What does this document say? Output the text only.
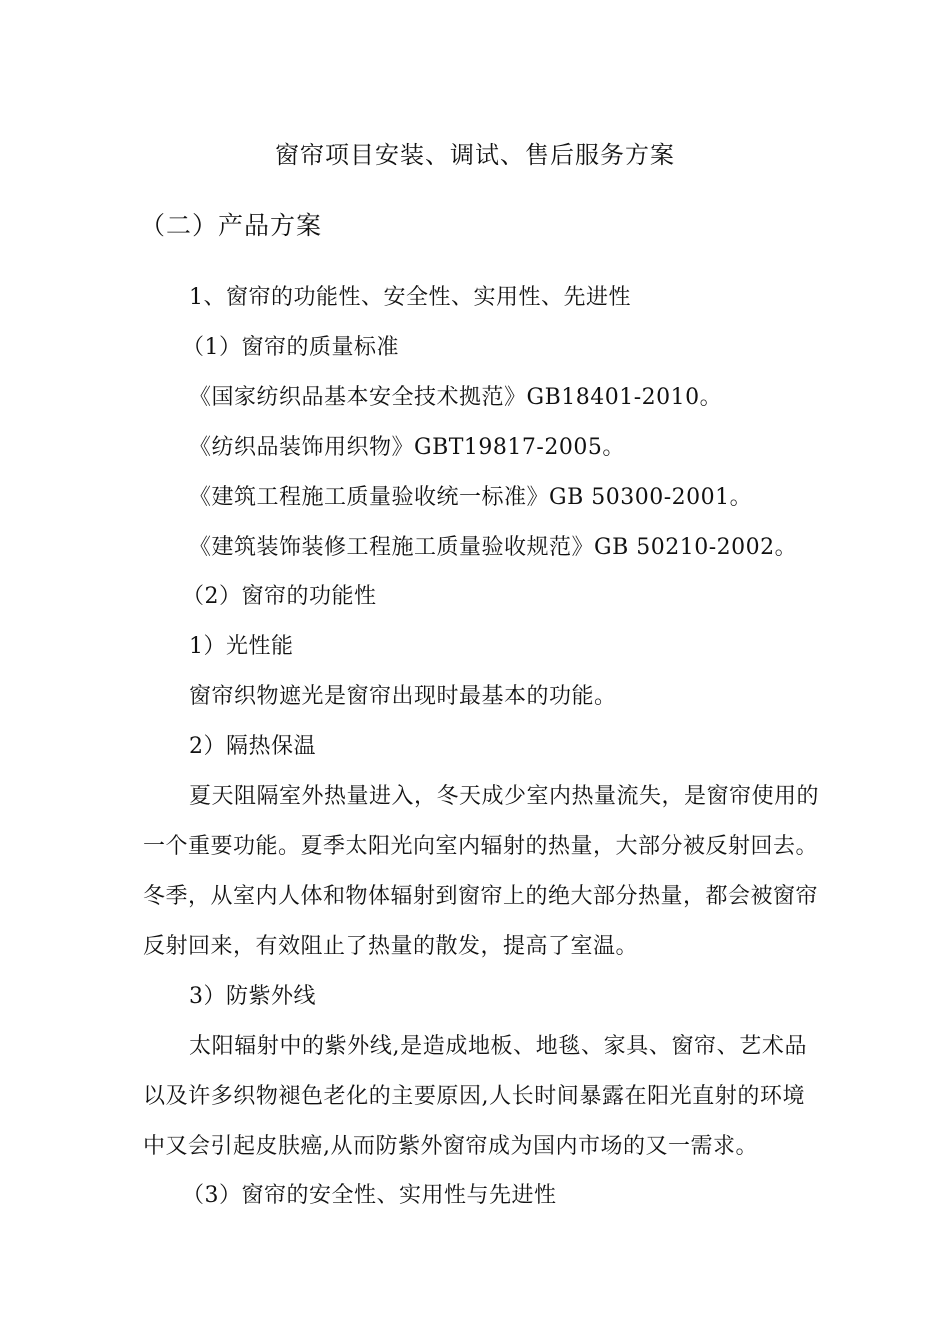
窗帘项目安装、调试、售后服务方案
（二）产品方案
1、窗帘的功能性、安全性、实用性、先进性
（1）窗帘的质量标准
《国家纺织品基本安全技术拠范》GB18401-2010。
《纺织品装饰用织物》GBT19817-2005。
《建筑工程施工质量验收统一标准》GB 50300-2001。
《建筑装饰装修工程施工质量验收规范》GB 50210-2002。
（2）窗帘的功能性
1）光性能
窗帘织物遮光是窗帘出现时最基本的功能。
2）隔热保温
夏天阻隔室外热量进入，冬天成少室内热量流失，是窗帘使用的
一个重要功能。夏季太阳光向室内辐射的热量，大部分被反射回去。
冬季，从室内人体和物体辐射到窗帘上的绝大部分热量，都会被窗帘
反射回来，有效阻止了热量的散发，提高了室温。
3）防紫外线
太阳辐射中的紫外线,是造成地板、地毯、家具、窗帘、艺术品
以及许多织物褪色老化的主要原因,人长时间暴露在阳光直射的环境
中又会引起皮肤癌,从而防紫外窗帘成为国内市场的又一需求。
（3）窗帘的安全性、实用性与先进性
